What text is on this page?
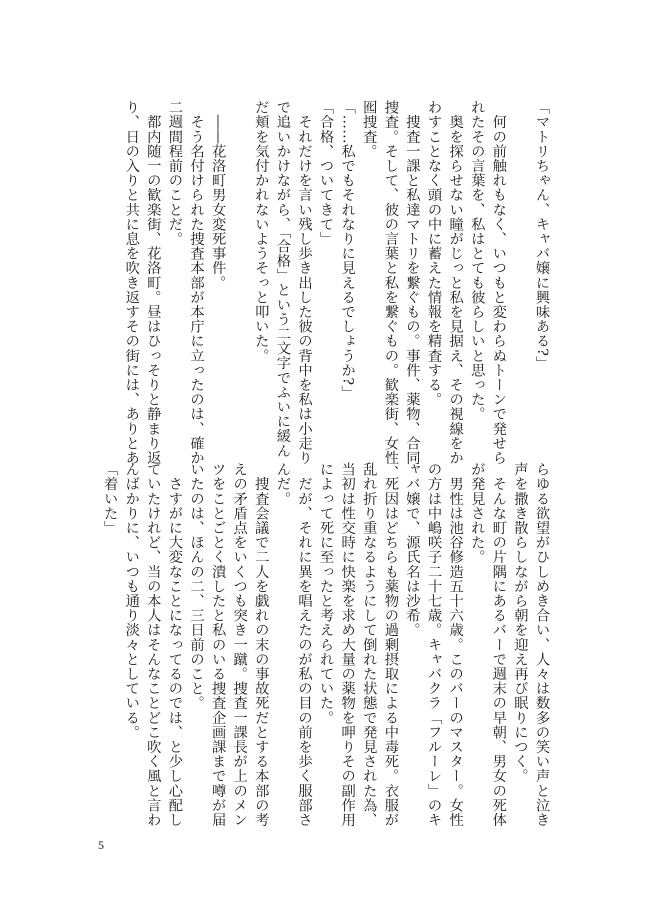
「マトリちゃん、キャバ嬢に興味ある?」

　何の前触れもなく、いつもと変わらぬトーンで発せら
れたその言葉を、私はとても彼らしいと思った。
　奥を探らせない瞳がじっと私を見据え、その視線をか
わすことなく頭の中に蓄えた情報を精査する。
　捜査一課と私達マトリを繋ぐもの。事件、薬物、合同
捜査。そして、彼の言葉と私を繋ぐもの。歓楽街、女性、
囮捜査。
「……私でもそれなりに見えるでしょうか?」
「合格、ついてきて」
　それだけを言い残し歩き出した彼の背中を私は小走り
で追いかけながら、「合格」という二文字でふいに緩ん
だ頬を気付かれないようそっと叩いた。

　――花洛町男女変死事件。
　そう名付けられた捜査本部が本庁に立ったのは、確か
二週間程前のことだ。
　都内随一の歓楽街、花洛町。昼はひっそりと静まり返
り、日の入りと共に息を吹き返すその街には、ありとあ
らゆる欲望がひしめき合い、人々は数多の笑い声と泣き
声を撒き散らしながら朝を迎え再び眠りにつく。
　そんな町の片隅にあるバーで週末の早朝、男女の死体
が発見された。
　男性は池谷修造五十六歳。このバーのマスター。女性
の方は中嶋咲子二十七歳。キャバクラ「フルーレ」のキ
ャバ嬢で、源氏名は沙希。
　死因はどちらも薬物の過剰摂取による中毒死。衣服が
乱れ折り重なるようにして倒れた状態で発見された為、
当初は性交時に快楽を求め大量の薬物を呷りその副作用
によって死に至ったと考えられていた。
　だが、それに異を唱えたのが私の目の前を歩く服部さ
んだ。
　捜査会議で二人を戯れの末の事故死だとする本部の考
えの矛盾点をいくつも突き一蹴。捜査一課長が上のメン
ツをことごとく潰したと私のいる捜査企画課まで噂が届
いたのは、ほんの二、三日前のこと。
　さすがに大変なことになってるのでは、と少し心配し
ていたけれど、当の本人はそんなことどこ吹く風と言わ
んばかりに、いつも通り淡々としている。
「着いた」
5
